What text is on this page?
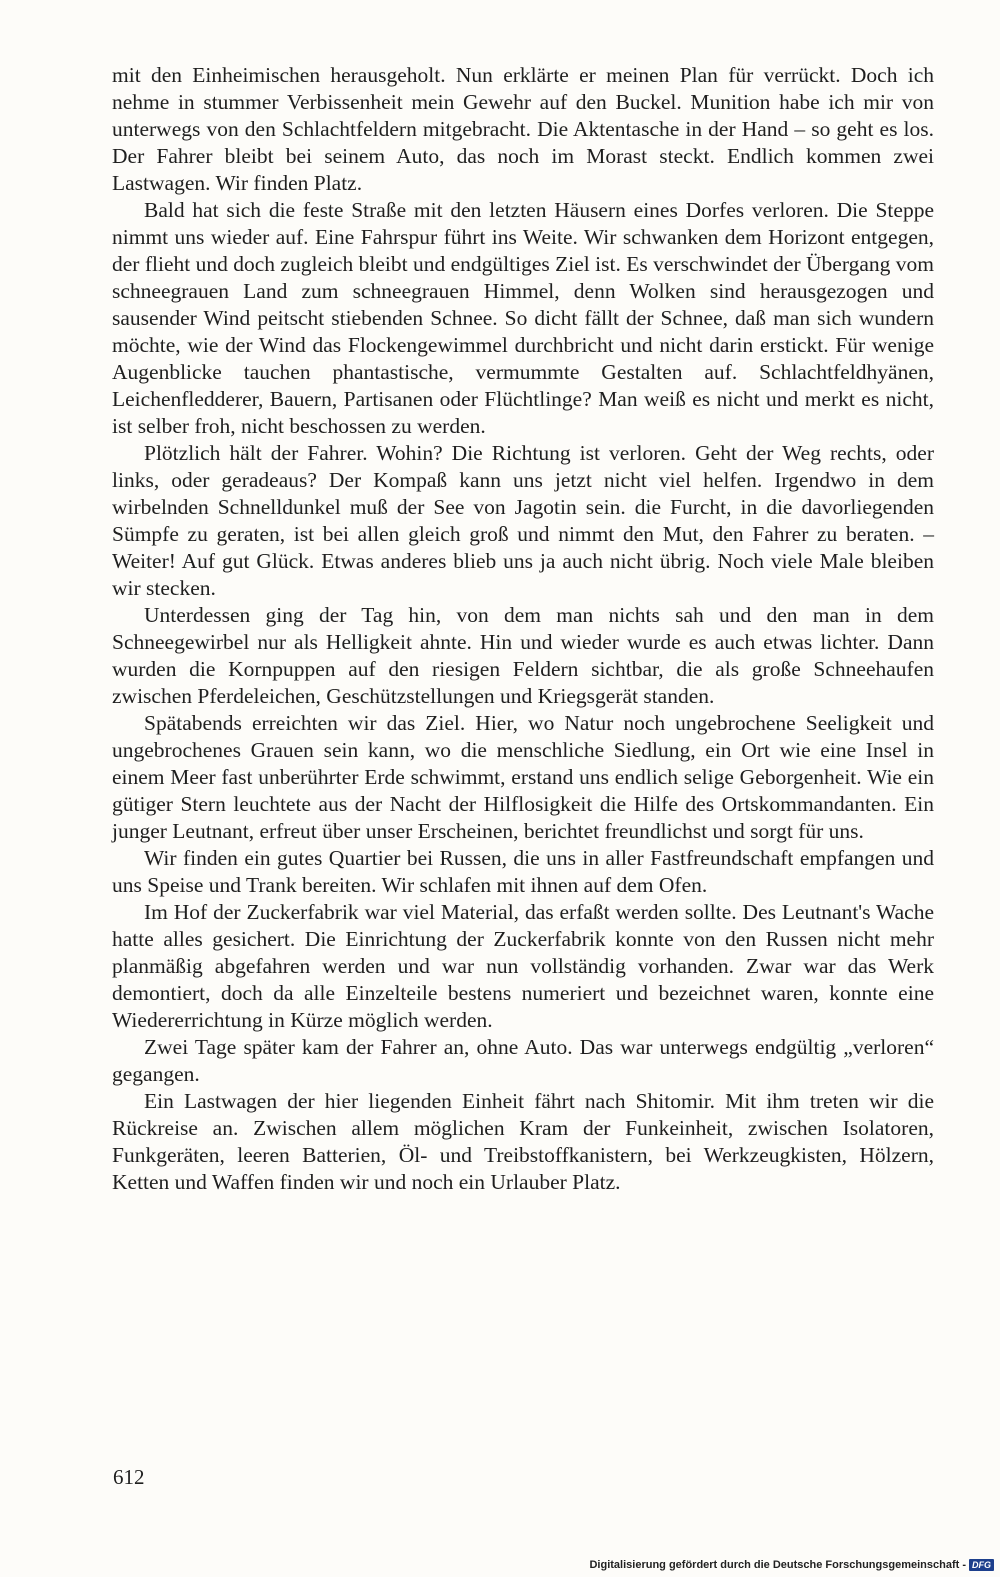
mit den Einheimischen herausgeholt. Nun erklärte er meinen Plan für verrückt. Doch ich nehme in stummer Verbissenheit mein Gewehr auf den Buckel. Munition habe ich mir von unterwegs von den Schlachtfeldern mitgebracht. Die Aktentasche in der Hand – so geht es los. Der Fahrer bleibt bei seinem Auto, das noch im Morast steckt. Endlich kommen zwei Lastwagen. Wir finden Platz.

Bald hat sich die feste Straße mit den letzten Häusern eines Dorfes verloren. Die Steppe nimmt uns wieder auf. Eine Fahrspur führt ins Weite. Wir schwanken dem Horizont entgegen, der flieht und doch zugleich bleibt und endgültiges Ziel ist. Es verschwindet der Übergang vom schneegrauen Land zum schneegrauen Himmel, denn Wolken sind herausgezogen und sausender Wind peitscht stiebenden Schnee. So dicht fällt der Schnee, daß man sich wundern möchte, wie der Wind das Flockengewimmel durchbricht und nicht darin erstickt. Für wenige Augenblicke tauchen phantastische, vermummte Gestalten auf. Schlachtfeldhyänen, Leichenfledderer, Bauern, Partisanen oder Flüchtlinge? Man weiß es nicht und merkt es nicht, ist selber froh, nicht beschossen zu werden.

Plötzlich hält der Fahrer. Wohin? Die Richtung ist verloren. Geht der Weg rechts, oder links, oder geradeaus? Der Kompaß kann uns jetzt nicht viel helfen. Irgendwo in dem wirbelnden Schnelldunkel muß der See von Jagotin sein. die Furcht, in die davorliegenden Sümpfe zu geraten, ist bei allen gleich groß und nimmt den Mut, den Fahrer zu beraten. – Weiter! Auf gut Glück. Etwas anderes blieb uns ja auch nicht übrig. Noch viele Male bleiben wir stecken.

Unterdessen ging der Tag hin, von dem man nichts sah und den man in dem Schneegewirbel nur als Helligkeit ahnte. Hin und wieder wurde es auch etwas lichter. Dann wurden die Kornpuppen auf den riesigen Feldern sichtbar, die als große Schneehaufen zwischen Pferdeleichen, Geschützstellungen und Kriegsgerät standen.

Spätabends erreichten wir das Ziel. Hier, wo Natur noch ungebrochene Seeligkeit und ungebrochenes Grauen sein kann, wo die menschliche Siedlung, ein Ort wie eine Insel in einem Meer fast unberührter Erde schwimmt, erstand uns endlich selige Geborgenheit. Wie ein gütiger Stern leuchtete aus der Nacht der Hilflosigkeit die Hilfe des Ortskommandanten. Ein junger Leutnant, erfreut über unser Erscheinen, berichtet freundlichst und sorgt für uns.

Wir finden ein gutes Quartier bei Russen, die uns in aller Fastfreundschaft empfangen und uns Speise und Trank bereiten. Wir schlafen mit ihnen auf dem Ofen.

Im Hof der Zuckerfabrik war viel Material, das erfaßt werden sollte. Des Leutnant's Wache hatte alles gesichert. Die Einrichtung der Zuckerfabrik konnte von den Russen nicht mehr planmäßig abgefahren werden und war nun vollständig vorhanden. Zwar war das Werk demontiert, doch da alle Einzelteile bestens numeriert und bezeichnet waren, konnte eine Wiedererrichtung in Kürze möglich werden.

Zwei Tage später kam der Fahrer an, ohne Auto. Das war unterwegs endgültig „verloren“ gegangen.

Ein Lastwagen der hier liegenden Einheit fährt nach Shitomir. Mit ihm treten wir die Rückreise an. Zwischen allem möglichen Kram der Funkeinheit, zwischen Isolatoren, Funkgeräten, leeren Batterien, Öl- und Treibstoffkanistern, bei Werkzeugkisten, Hölzern, Ketten und Waffen finden wir und noch ein Urlauber Platz.

612
Digitalisierung gefördert durch die Deutsche Forschungsgemeinschaft - DFG
